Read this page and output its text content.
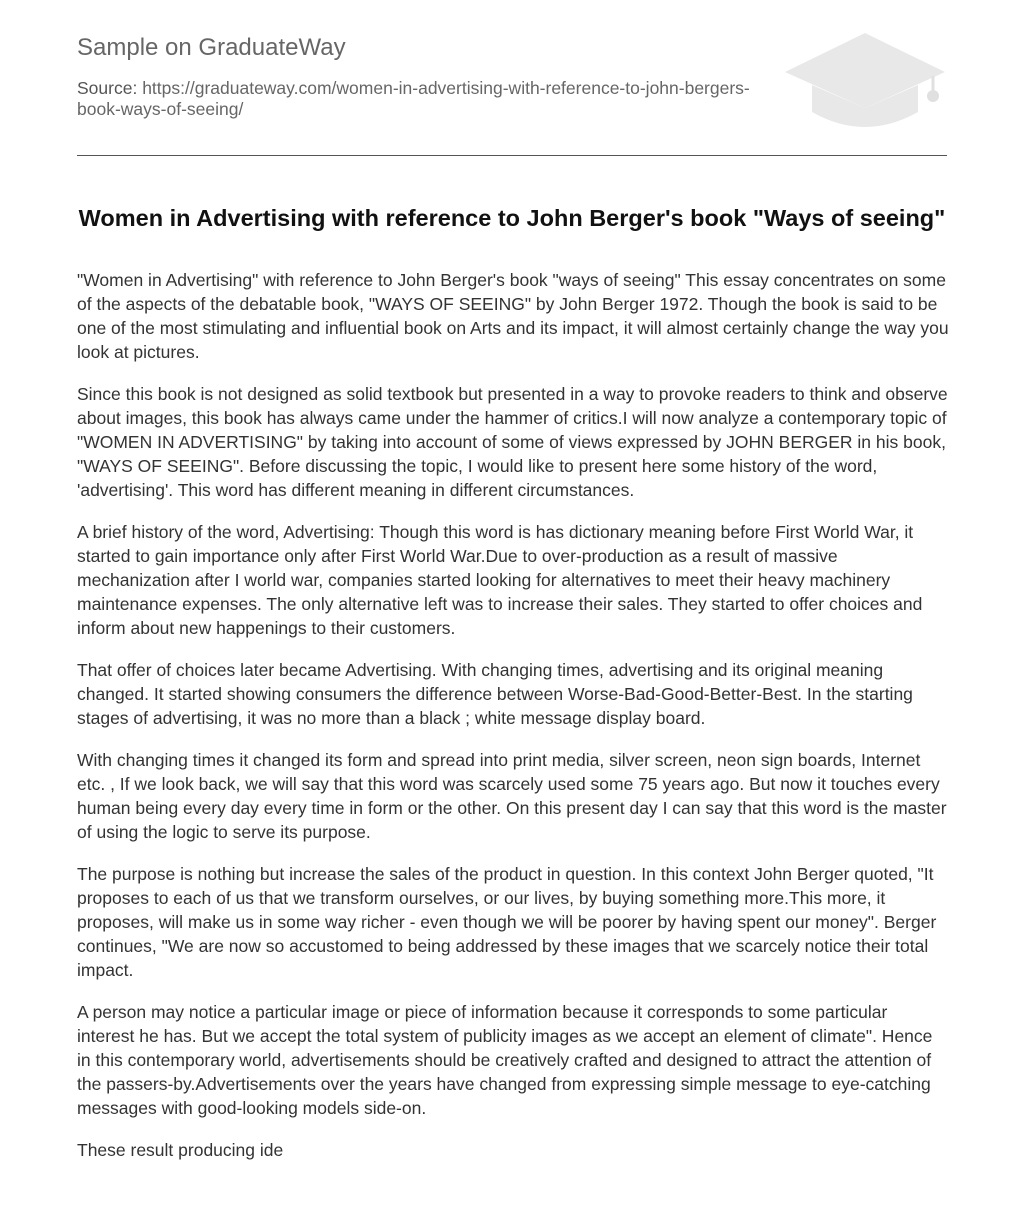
Sample on GraduateWay
Source: https://graduateway.com/women-in-advertising-with-reference-to-john-bergers-book-ways-of-seeing/
Women in Advertising with reference to John Berger's book "Ways of seeing"

"Women in Advertising" with reference to John Berger's book "ways of seeing" This essay concentrates on some of the aspects of the debatable book, "WAYS OF SEEING" by John Berger 1972. Though the book is said to be one of the most stimulating and influential book on Arts and its impact, it will almost certainly change the way you look at pictures.

Since this book is not designed as solid textbook but presented in a way to provoke readers to think and observe about images, this book has always came under the hammer of critics.I will now analyze a contemporary topic of "WOMEN IN ADVERTISING" by taking into account of some of views expressed by JOHN BERGER in his book, "WAYS OF SEEING". Before discussing the topic, I would like to present here some history of the word, 'advertising'. This word has different meaning in different circumstances.

A brief history of the word, Advertising: Though this word is has dictionary meaning before First World War, it started to gain importance only after First World War.Due to over-production as a result of massive mechanization after I world war, companies started looking for alternatives to meet their heavy machinery maintenance expenses. The only alternative left was to increase their sales. They started to offer choices and inform about new happenings to their customers.

That offer of choices later became Advertising. With changing times, advertising and its original meaning changed. It started showing consumers the difference between Worse-Bad-Good-Better-Best. In the starting stages of advertising, it was no more than a black ; white message display board.

With changing times it changed its form and spread into print media, silver screen, neon sign boards, Internet etc. , If we look back, we will say that this word was scarcely used some 75 years ago. But now it touches every human being every day every time in form or the other. On this present day I can say that this word is the master of using the logic to serve its purpose.

The purpose is nothing but increase the sales of the product in question. In this context John Berger quoted, "It proposes to each of us that we transform ourselves, or our lives, by buying something more.This more, it proposes, will make us in some way richer - even though we will be poorer by having spent our money". Berger continues, "We are now so accustomed to being addressed by these images that we scarcely notice their total impact.

A person may notice a particular image or piece of information because it corresponds to some particular interest he has. But we accept the total system of publicity images as we accept an element of climate". Hence in this contemporary world, advertisements should be creatively crafted and designed to attract the attention of the passers-by.Advertisements over the years have changed from expressing simple message to eye-catching messages with good-looking models side-on.

These result producing ide
